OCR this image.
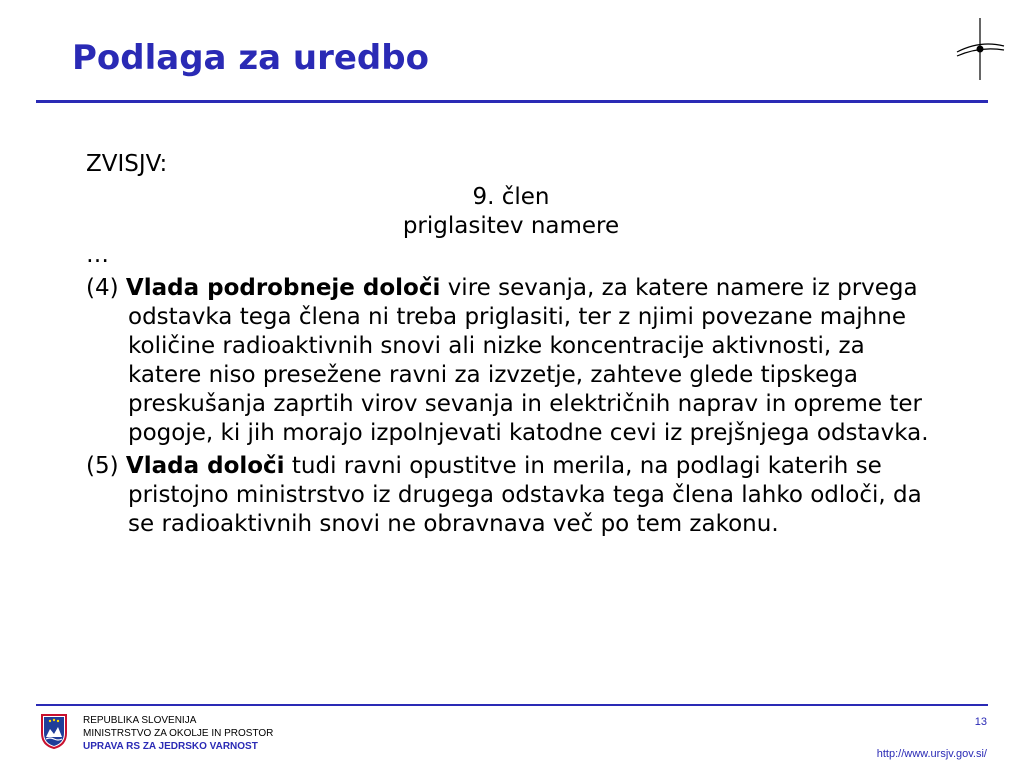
Podlaga za uredbo
ZVISJV:
9. člen
priglasitev namere
…
(4) Vlada podrobneje določi vire sevanja, za katere namere iz prvega odstavka tega člena ni treba priglasiti, ter z njimi povezane majhne količine radioaktivnih snovi ali nizke koncentracije aktivnosti, za katere niso presežene ravni za izvzetje, zahteve glede tipskega preskušanja zaprtih virov sevanja in električnih naprav in opreme ter pogoje, ki jih morajo izpolnjevati katodne cevi iz prejšnjega odstavka.
(5) Vlada določi tudi ravni opustitve in merila, na podlagi katerih se pristojno ministrstvo iz drugega odstavka tega člena lahko odloči, da se radioaktivnih snovi ne obravnava več po tem zakonu.
REPUBLIKA SLOVENIJA
MINISTRSTVO ZA OKOLJE IN PROSTOR
UPRAVA RS ZA JEDRSKO VARNOST
13
http://www.ursjv.gov.si/
